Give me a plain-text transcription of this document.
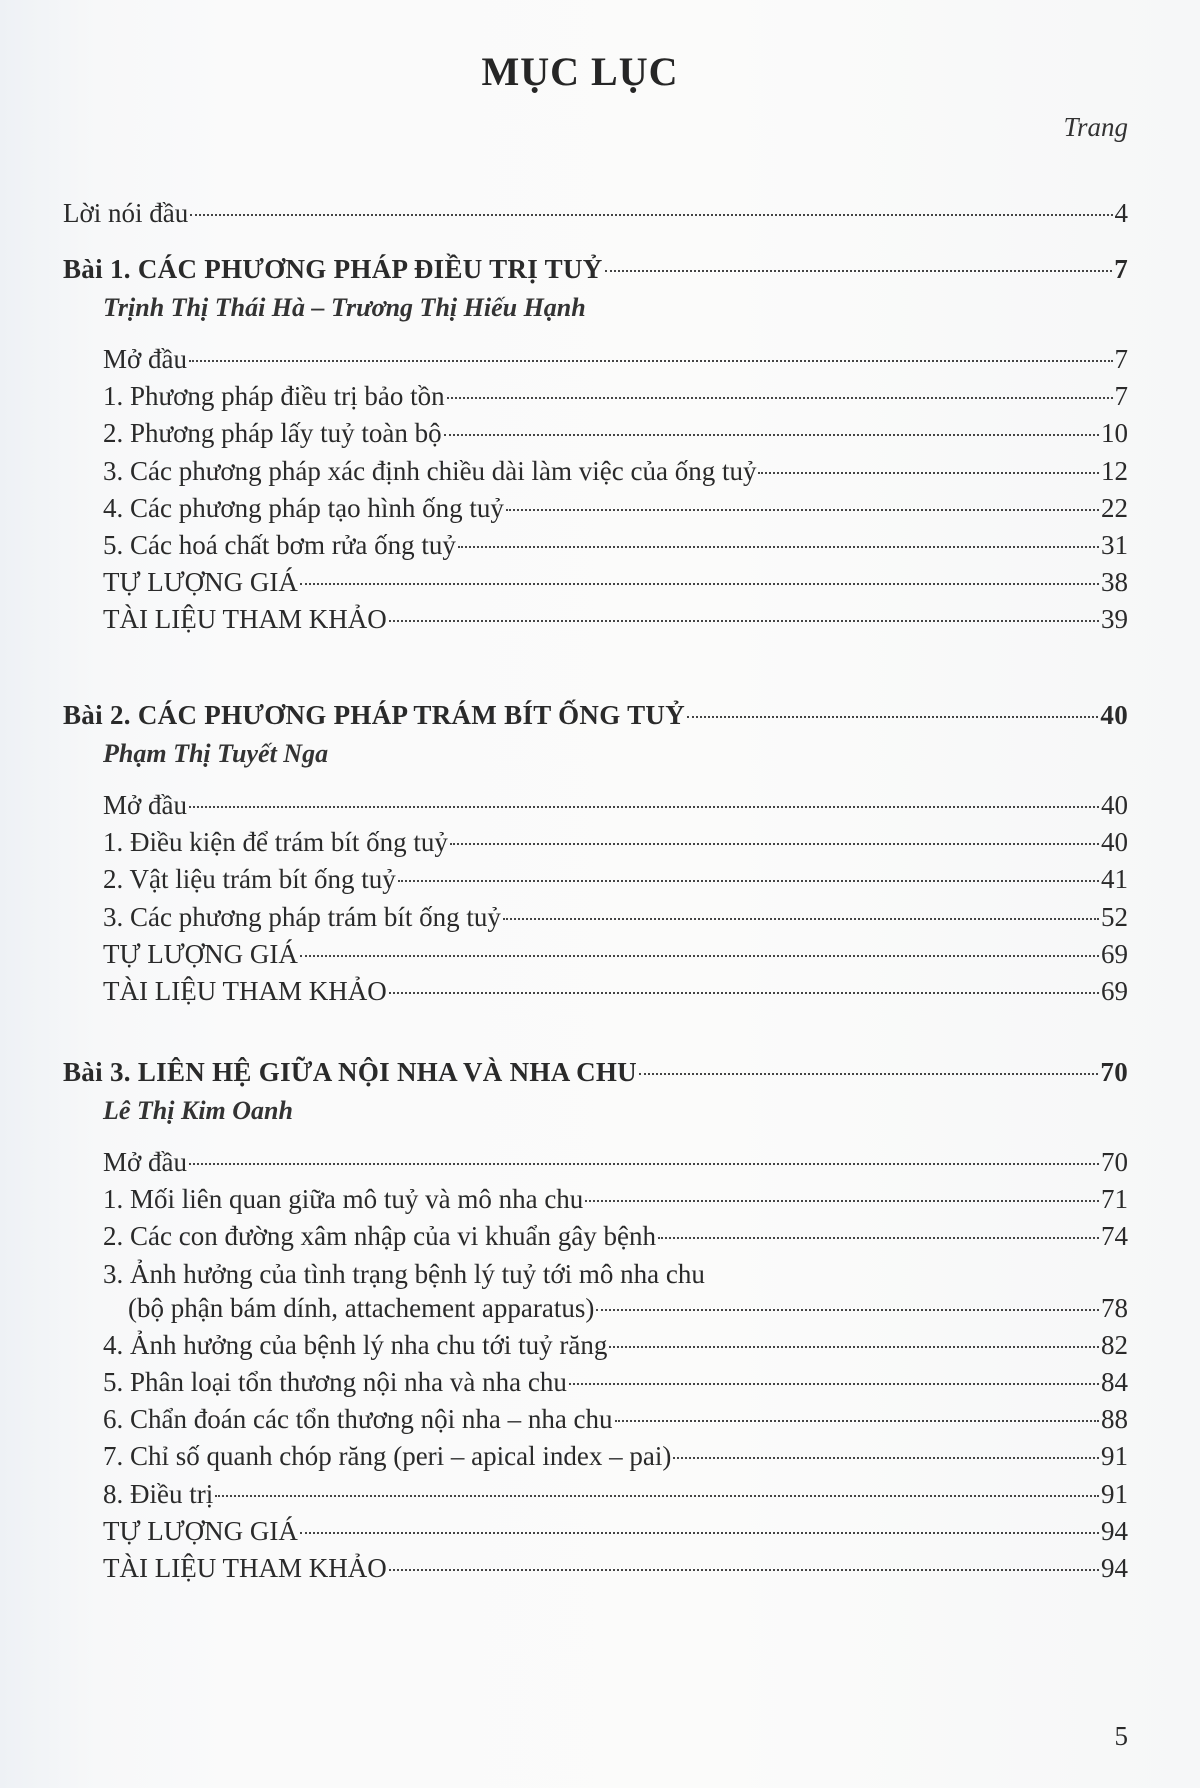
MỤC LỤC
Trang
Lời nói đầu	4
Bài 1. CÁC PHƯƠNG PHÁP ĐIỀU TRỊ TUỶ	7
Trịnh Thị Thái Hà – Trương Thị Hiếu Hạnh
Mở đầu	7
1. Phương pháp điều trị bảo tồn	7
2. Phương pháp lấy tuỷ toàn bộ	10
3. Các phương pháp xác định chiều dài làm việc của ống tuỷ	12
4. Các phương pháp tạo hình ống tuỷ	22
5. Các hoá chất bơm rửa ống tuỷ	31
TỰ LƯỢNG GIÁ	38
TÀI LIỆU THAM KHẢO	39
Bài 2. CÁC PHƯƠNG PHÁP TRÁM BÍT ỐNG TUỶ	40
Phạm Thị Tuyết Nga
Mở đầu	40
1. Điều kiện để trám bít ống tuỷ	40
2. Vật liệu trám bít ống tuỷ	41
3. Các phương pháp trám bít ống tuỷ	52
TỰ LƯỢNG GIÁ	69
TÀI LIỆU THAM KHẢO	69
Bài 3. LIÊN HỆ GIỮA NỘI NHA VÀ NHA CHU	70
Lê Thị Kim Oanh
Mở đầu	70
1. Mối liên quan giữa mô tuỷ và mô nha chu	71
2. Các con đường xâm nhập của vi khuẩn gây bệnh	74
3. Ảnh hưởng của tình trạng bệnh lý tuỷ tới mô nha chu
(bộ phận bám dính, attachement apparatus)	78
4. Ảnh hưởng của bệnh lý nha chu tới tuỷ răng	82
5. Phân loại tổn thương nội nha và nha chu	84
6. Chẩn đoán các tổn thương nội nha – nha chu	88
7. Chỉ số quanh chóp răng (peri – apical index – pai)	91
8. Điều trị	91
TỰ LƯỢNG GIÁ	94
TÀI LIỆU THAM KHẢO	94
5
